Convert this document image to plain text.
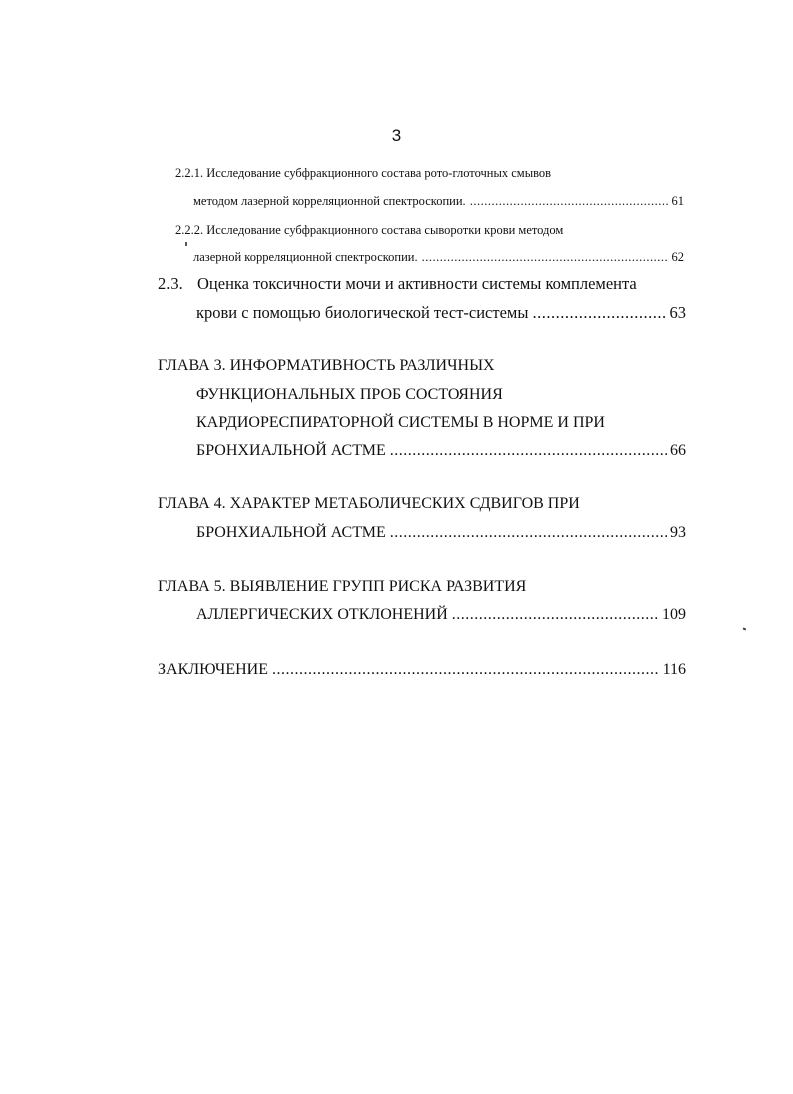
3
2.2.1. Исследование субфракционного состава рото-глоточных смывов
методом лазерной корреляционной спектроскопии. .....	61
2.2.2. Исследование субфракционного состава сыворотки крови методом
лазерной корреляционной спектроскопии. .....	62
2.3. Оценка токсичности мочи и активности системы комплемента
крови с помощью биологической тест-системы .....	63
ГЛАВА 3. ИНФОРМАТИВНОСТЬ РАЗЛИЧНЫХ
ФУНКЦИОНАЛЬНЫХ ПРОБ СОСТОЯНИЯ
КАРДИОРЕСПИРАТОРНОЙ СИСТЕМЫ В НОРМЕ И ПРИ
БРОНХИАЛЬНОЙ АСТМЕ .....	66
ГЛАВА 4. ХАРАКТЕР МЕТАБОЛИЧЕСКИХ СДВИГОВ ПРИ
БРОНХИАЛЬНОЙ АСТМЕ .....	93
ГЛАВА 5. ВЫЯВЛЕНИЕ ГРУПП РИСКА РАЗВИТИЯ
АЛЛЕРГИЧЕСКИХ ОТКЛОНЕНИЙ .....	109
ЗАКЛЮЧЕНИЕ .....	116
